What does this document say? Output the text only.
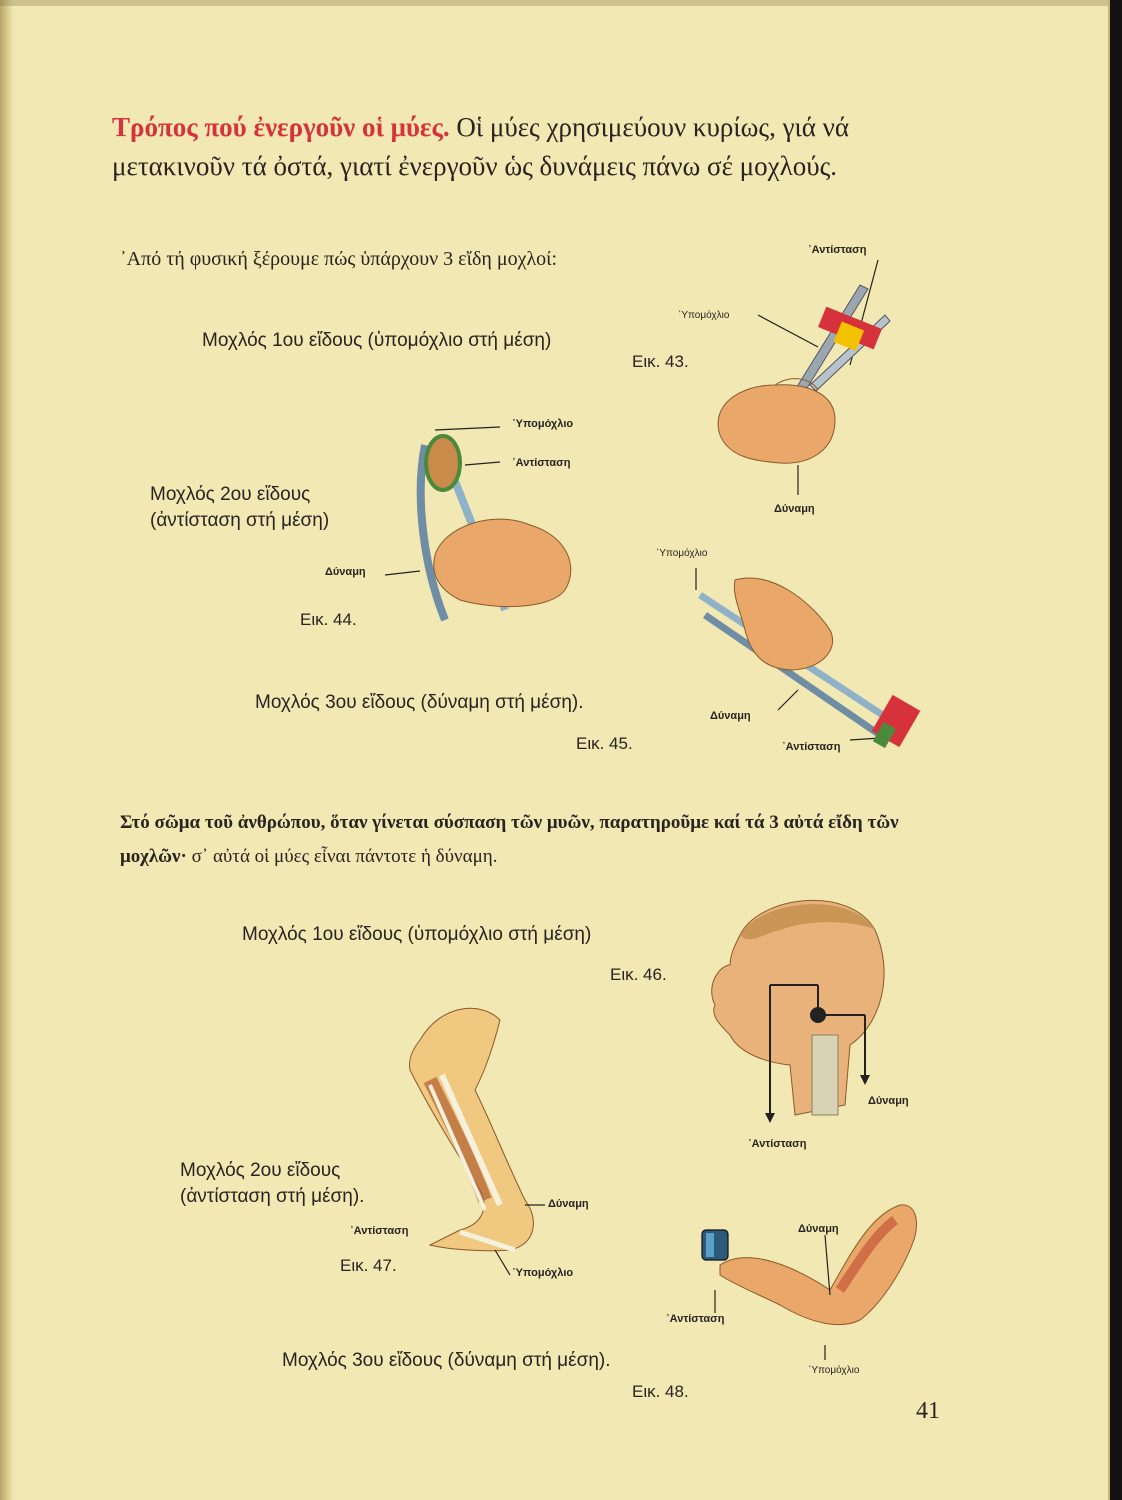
Τρόπος πού ἐνεργοῦν οἱ μύες. Οἱ μύες χρησιμεύουν κυρίως, γιά νά μετακινοῦν τά ὀστά, γιατί ἐνεργοῦν ὡς δυνάμεις πάνω σέ μοχλούς.
᾽Από τή φυσική ξέρουμε πώς ὑπάρχουν 3 εἴδη μοχλοί:
Μοχλός 1ου εἴδους (ὑπομόχλιο στή μέση)
Εικ. 43.
᾽Αντίσταση
᾽Υπομόχλιο
Δύναμη
Μοχλός 2ου εἴδους
(ἀντίσταση στή μέση)
Εικ. 44.
᾽Υπομόχλιο
᾽Αντίσταση
Δύναμη
Μοχλός 3ου εἴδους (δύναμη στή μέση).
Εικ. 45.
᾽Υπομόχλιο
Δύναμη
᾽Αντίσταση
Στό σῶμα τοῦ ἀνθρώπου, ὅταν γίνεται σύσπαση τῶν μυῶν, παρατηροῦμε καί τά 3 αὐτά εἴδη τῶν μοχλῶν· σ᾽ αὐτά οἱ μύες εἶναι πάντοτε ἡ δύναμη.
Μοχλός 1ου εἴδους (ὑπομόχλιο στή μέση)
Εικ. 46.
Δύναμη
᾽Αντίσταση
Μοχλός 2ου εἴδους
(ἀντίσταση στή μέση).
Εικ. 47.
᾽Αντίσταση
Δύναμη
᾽Υπομόχλιο
Μοχλός 3ου εἴδους (δύναμη στή μέση).
Εικ. 48.
Δύναμη
᾽Αντίσταση
᾽Υπομόχλιο
41
